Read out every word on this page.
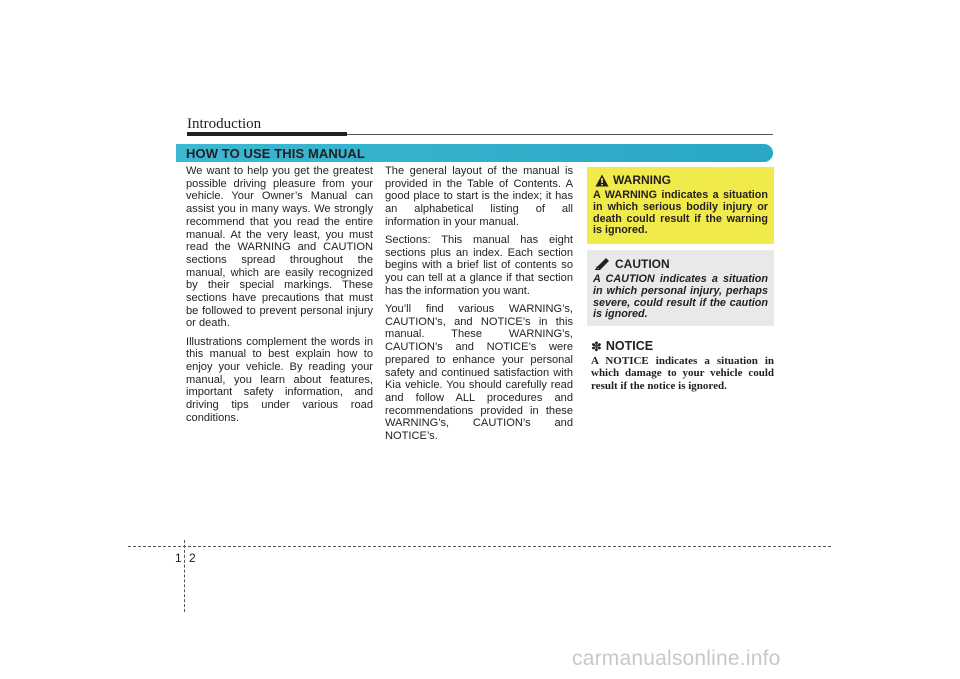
Introduction
HOW TO USE THIS MANUAL

We want to help you get the greatest possible driving pleasure from your vehicle. Your Owner’s Manual can assist you in many ways. We strongly recommend that you read the entire manual. At the very least, you must read the WARNING and CAUTION sections spread throughout the manual, which are easily recognized by their special markings. These sections have precautions that must be followed to prevent personal injury or death.

Illustrations complement the words in this manual to best explain how to enjoy your vehicle. By reading your manual, you learn about features, important safety information, and driving tips under various road conditions.

The general layout of the manual is provided in the Table of Contents. A good place to start is the index; it has an alphabetical listing of all information in your manual.

Sections: This manual has eight sections plus an index. Each section begins with a brief list of contents so you can tell at a glance if that section has the information you want.

You’ll find various WARNING’s, CAUTION’s, and NOTICE’s in this manual. These WARNING’s, CAUTION’s and NOTICE’s were prepared to enhance your personal safety and continued satisfaction with Kia vehicle. You should carefully read and follow ALL procedures and recommendations provided in these WARNING’s, CAUTION’s and NOTICE’s.

WARNING
A WARNING indicates a situation in which serious bodily injury or death could result if the warning is ignored.
CAUTION
A CAUTION indicates a situation in which personal injury, perhaps severe, could result if the caution is ignored.
✽ NOTICE
A NOTICE indicates a situation in which damage to your vehicle could result if the notice is ignored.
1 2
carmanualsonline.info
